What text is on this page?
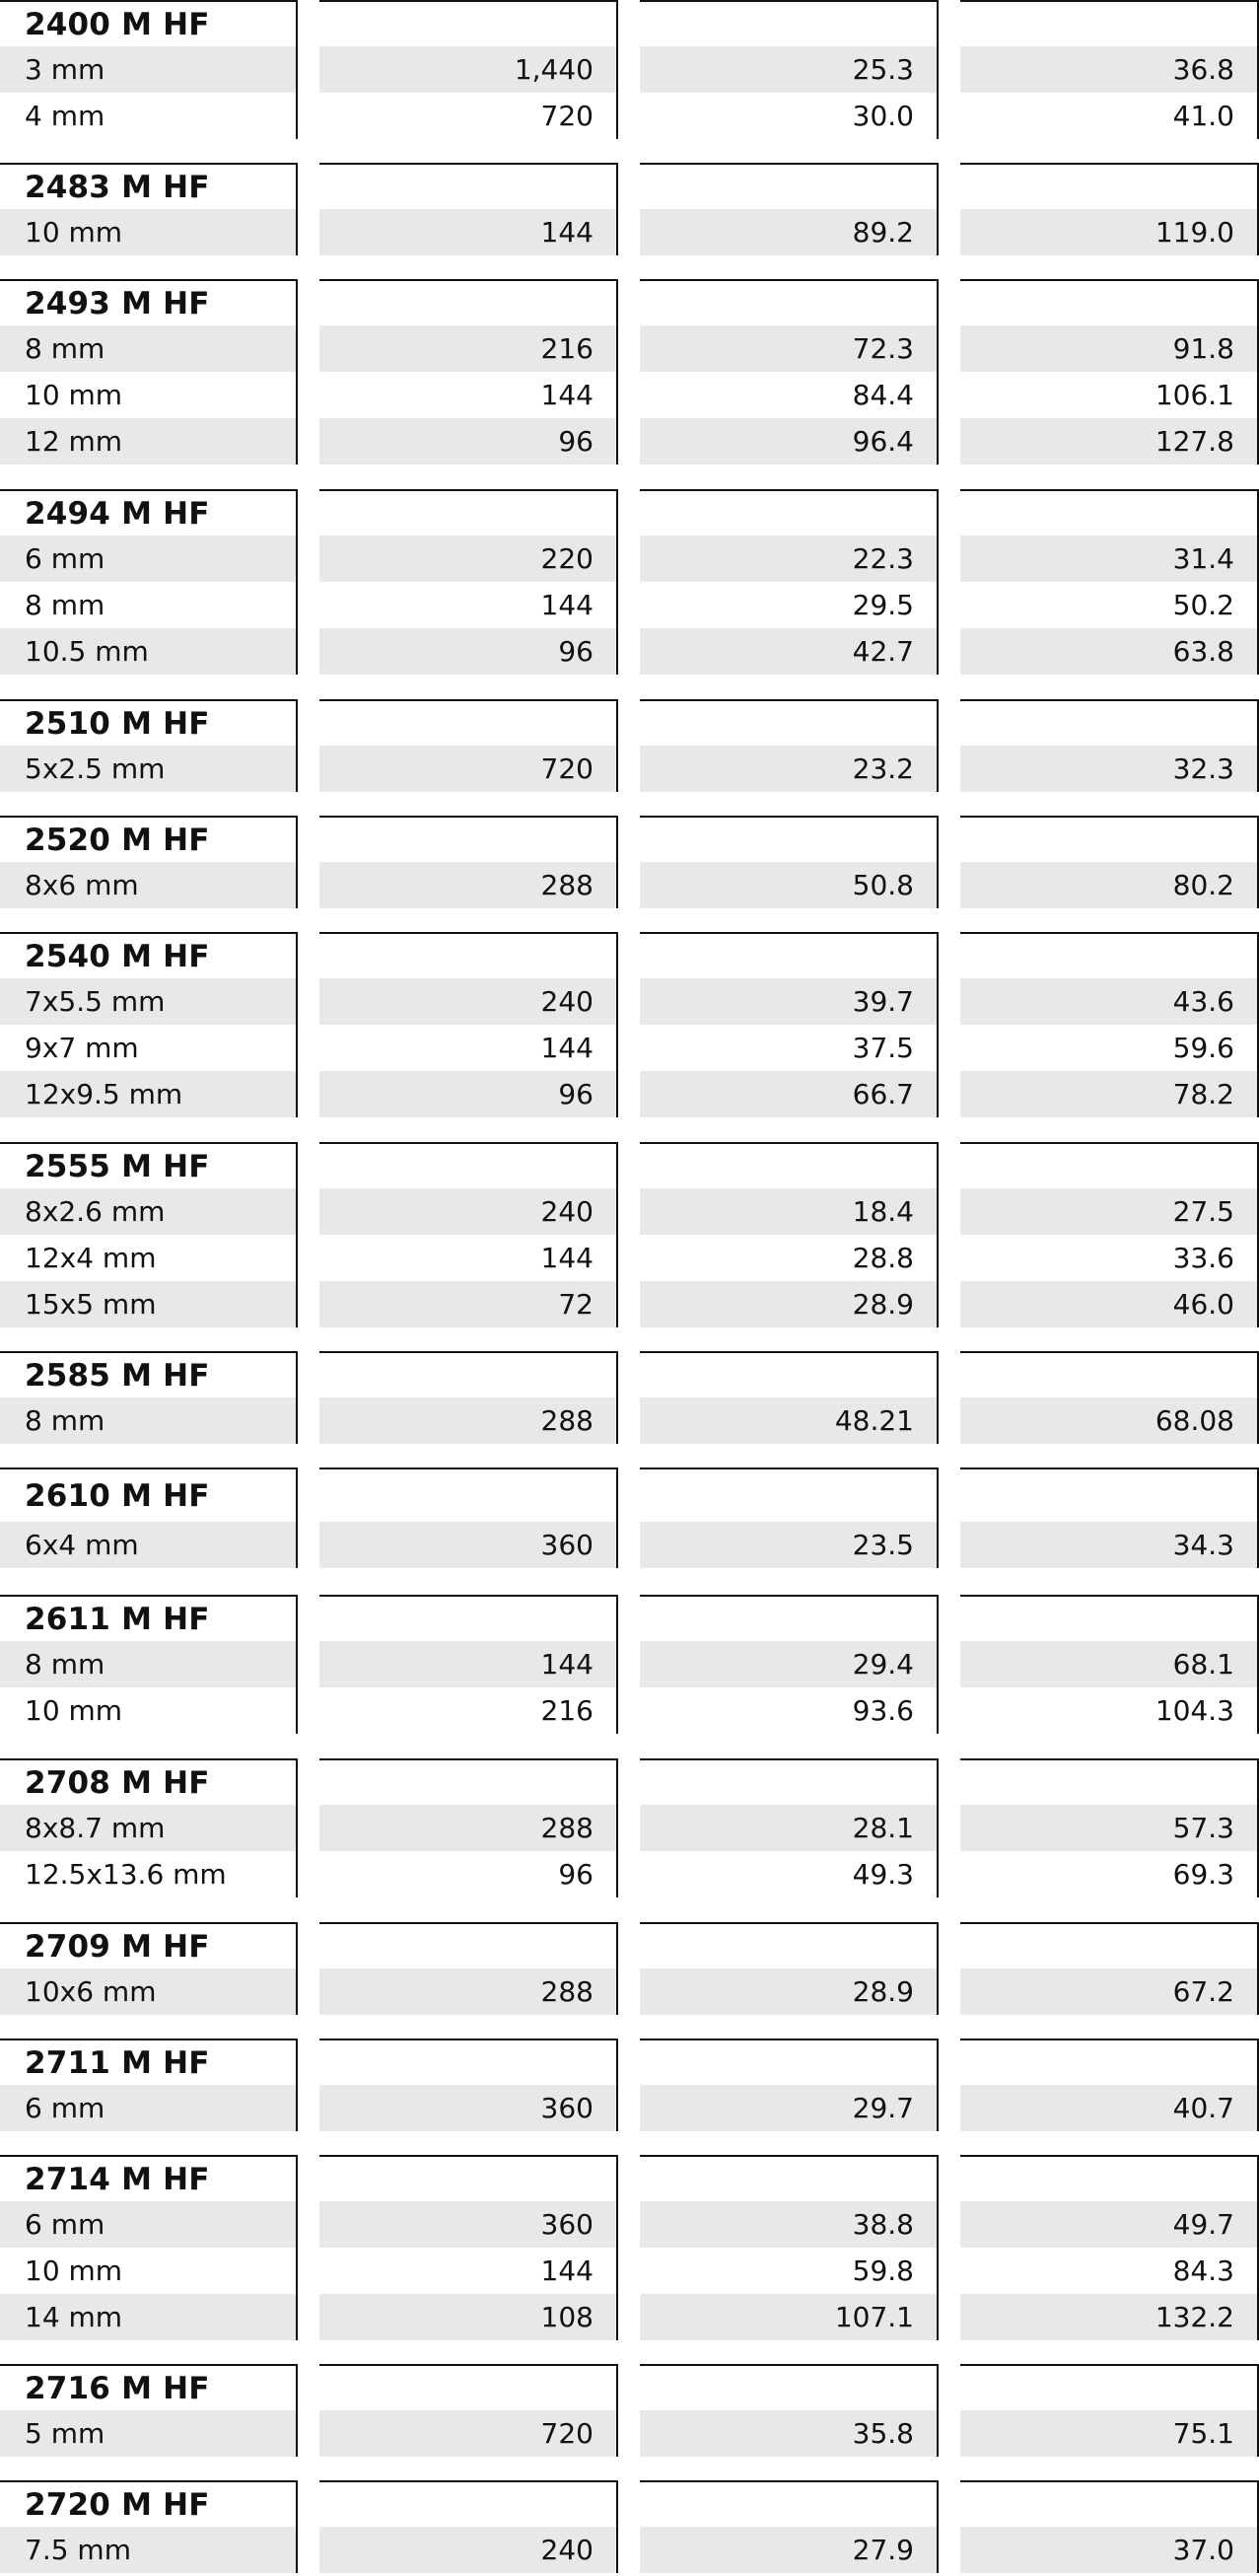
2400 M HF
3 mm	1,440	25.3	36.8
4 mm	720	30.0	41.0
2483 M HF
10 mm	144	89.2	119.0
2493 M HF
8 mm	216	72.3	91.8
10 mm	144	84.4	106.1
12 mm	96	96.4	127.8
2494 M HF
6 mm	220	22.3	31.4
8 mm	144	29.5	50.2
10.5 mm	96	42.7	63.8
2510 M HF
5x2.5 mm	720	23.2	32.3
2520 M HF
8x6 mm	288	50.8	80.2
2540 M HF
7x5.5 mm	240	39.7	43.6
9x7 mm	144	37.5	59.6
12x9.5 mm	96	66.7	78.2
2555 M HF
8x2.6 mm	240	18.4	27.5
12x4 mm	144	28.8	33.6
15x5 mm	72	28.9	46.0
2585 M HF
8 mm	288	48.21	68.08
2610 M HF
6x4 mm	360	23.5	34.3
2611 M HF
8 mm	144	29.4	68.1
10 mm	216	93.6	104.3
2708 M HF
8x8.7 mm	288	28.1	57.3
12.5x13.6 mm	96	49.3	69.3
2709 M HF
10x6 mm	288	28.9	67.2
2711 M HF
6 mm	360	29.7	40.7
2714 M HF
6 mm	360	38.8	49.7
10 mm	144	59.8	84.3
14 mm	108	107.1	132.2
2716 M HF
5 mm	720	35.8	75.1
2720 M HF
7.5 mm	240	27.9	37.0
